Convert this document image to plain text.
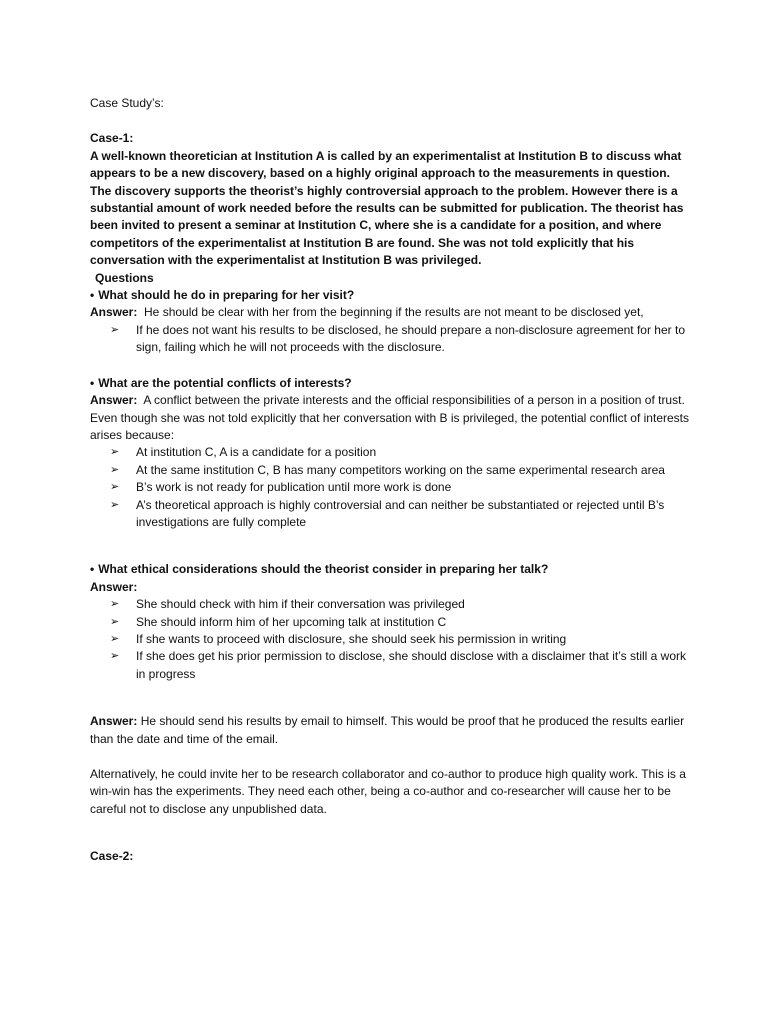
Case Study’s:

Case-1:

A well-known theoretician at Institution A is called by an experimentalist at Institution B to discuss what appears to be a new discovery, based on a highly original approach to the measurements in question. The discovery supports the theorist’s highly controversial approach to the problem. However there is a substantial amount of work needed before the results can be submitted for publication. The theorist has been invited to present a seminar at Institution C, where she is a candidate for a position, and where competitors of the experimentalist at Institution B are found. She was not told explicitly that his conversation with the experimentalist at Institution B was privileged.

Questions

• What should he do in preparing for her visit?

Answer: He should be clear with her from the beginning if the results are not meant to be disclosed yet,

➢ If he does not want his results to be disclosed, he should prepare a non-disclosure agreement for her to sign, failing which he will not proceeds with the disclosure.

• What are the potential conflicts of interests?

Answer: A conflict between the private interests and the official responsibilities of a person in a position of trust.

Even though she was not told explicitly that her conversation with B is privileged, the potential conflict of interests arises because:

➢ At institution C, A is a candidate for a position
➢ At the same institution C, B has many competitors working on the same experimental research area
➢ B’s work is not ready for publication until more work is done
➢ A’s theoretical approach is highly controversial and can neither be substantiated or rejected until B’s investigations are fully complete

• What ethical considerations should the theorist consider in preparing her talk?

Answer:

➢ She should check with him if their conversation was privileged
➢ She should inform him of her upcoming talk at institution C
➢ If she wants to proceed with disclosure, she should seek his permission in writing
➢ If she does get his prior permission to disclose, she should disclose with a disclaimer that it’s still a work in progress

Answer: He should send his results by email to himself. This would be proof that he produced the results earlier than the date and time of the email.

Alternatively, he could invite her to be research collaborator and co-author to produce high quality work. This is a win-win has the experiments. They need each other, being a co-author and co-researcher will cause her to be careful not to disclose any unpublished data.

Case-2:
